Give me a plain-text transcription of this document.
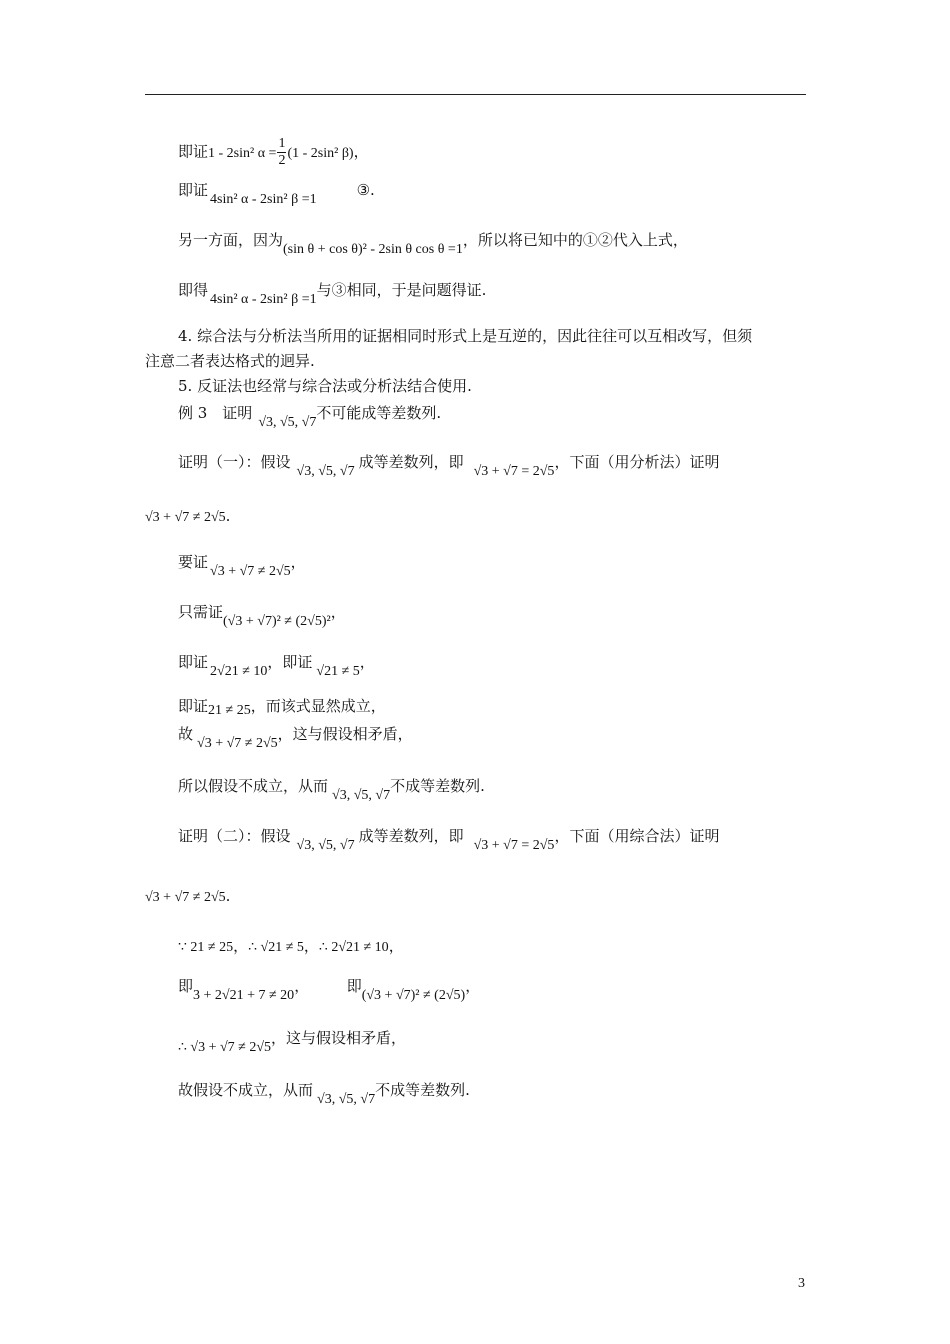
即证1 - 2sin² $\alpha = \frac{1}{2} (1 - 2\sin^2$ β)，
即证4sin² α - 2sin² β =1③.
另一方面，因为(sin θ + cos θ)² - 2sin θ cos θ =1，所以将已知中的①②代入上式，
即得4sin² α - 2sin² β =1与③相同，于是问题得证.
4. 综合法与分析法当所用的证据相同时形式上是互逆的，因此往往可以互相改写，但须
注意二者表达格式的迥异.
5. 反证法也经常与综合法或分析法结合使用.
例 3　证明√3, √5, √7不可能成等差数列.
证明（一）：假设√3, √5, √7成等差数列，即√3 + √7 = 2√5，下面（用分析法）证明
√3 + √7 ≠ 2√5.
要证√3 + √7 ≠ 2√5，
只需证(√3 + √7)² ≠ (2√5)²，
即证2√21 ≠ 10，即证√21 ≠ 5，
即证21 ≠ 25，而该式显然成立，
故√3 + √7 ≠ 2√5，这与假设相矛盾，
所以假设不成立，从而√3, √5, √7不成等差数列.
证明（二）：假设√3, √5, √7成等差数列，即√3 + √7 = 2√5，下面（用综合法）证明
√3 + √7 ≠ 2√5.
∵ 21 ≠ 25，∴ √21 ≠ 5，∴ 2√21 ≠ 10，
即3 + 2√21 + 7 ≠ 20，　　　即(√3 + √7)² ≠ (2√5)，
∴ √3 + √7 ≠ 2√5，这与假设相矛盾，
故假设不成立，从而√3, √5, √7不成等差数列.
3
